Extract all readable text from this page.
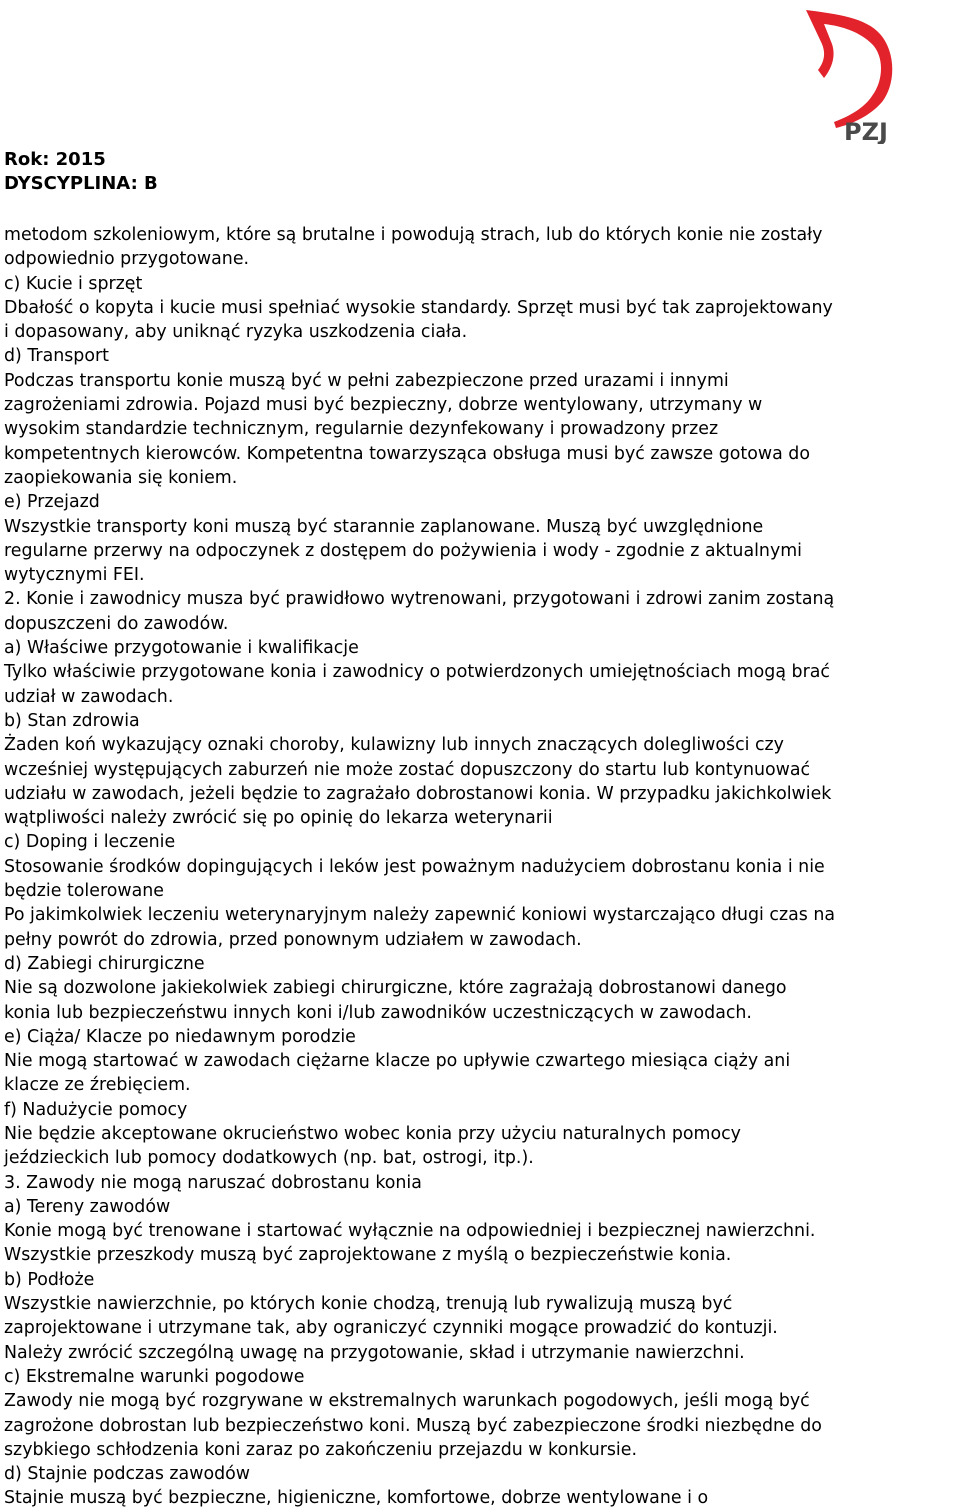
PZJ
Rok: 2015
DYSCYPLINA: B
metodom szkoleniowym, które są brutalne i powodują strach, lub do których konie nie zostały
odpowiednio przygotowane.
c) Kucie i sprzęt
Dbałość o kopyta i kucie musi spełniać wysokie standardy. Sprzęt musi być tak zaprojektowany
i dopasowany, aby uniknąć ryzyka uszkodzenia ciała.
d) Transport
Podczas transportu konie muszą być w pełni zabezpieczone przed urazami i innymi
zagrożeniami zdrowia. Pojazd musi być bezpieczny, dobrze wentylowany, utrzymany w
wysokim standardzie technicznym, regularnie dezynfekowany i prowadzony przez
kompetentnych kierowców. Kompetentna towarzysząca obsługa musi być zawsze gotowa do
zaopiekowania się koniem.
e) Przejazd
Wszystkie transporty koni muszą być starannie zaplanowane. Muszą być uwzględnione
regularne przerwy na odpoczynek z dostępem do pożywienia i wody - zgodnie z aktualnymi
wytycznymi FEI.
2. Konie i zawodnicy musza być prawidłowo wytrenowani, przygotowani i zdrowi zanim zostaną
dopuszczeni do zawodów.
a) Właściwe przygotowanie i kwalifikacje
Tylko właściwie przygotowane konia i zawodnicy o potwierdzonych umiejętnościach mogą brać
udział w zawodach.
b) Stan zdrowia
Żaden koń wykazujący oznaki choroby, kulawizny lub innych znaczących dolegliwości czy
wcześniej występujących zaburzeń nie może zostać dopuszczony do startu lub kontynuować
udziału w zawodach, jeżeli będzie to zagrażało dobrostanowi konia. W przypadku jakichkolwiek
wątpliwości należy zwrócić się po opinię do lekarza weterynarii
c) Doping i leczenie
Stosowanie środków dopingujących i leków jest poważnym nadużyciem dobrostanu konia i nie
będzie tolerowane
Po jakimkolwiek leczeniu weterynaryjnym należy zapewnić koniowi wystarczająco długi czas na
pełny powrót do zdrowia, przed ponownym udziałem w zawodach.
d) Zabiegi chirurgiczne
Nie są dozwolone jakiekolwiek zabiegi chirurgiczne, które zagrażają dobrostanowi danego
konia lub bezpieczeństwu innych koni i/lub zawodników uczestniczących w zawodach.
e) Ciąża/ Klacze po niedawnym porodzie
Nie mogą startować w zawodach ciężarne klacze po upływie czwartego miesiąca ciąży ani
klacze ze źrebięciem.
f) Nadużycie pomocy
Nie będzie akceptowane okrucieństwo wobec konia przy użyciu naturalnych pomocy
jeździeckich lub pomocy dodatkowych (np. bat, ostrogi, itp.).
3. Zawody nie mogą naruszać dobrostanu konia
a) Tereny zawodów
Konie mogą być trenowane i startować wyłącznie na odpowiedniej i bezpiecznej nawierzchni.
Wszystkie przeszkody muszą być zaprojektowane z myślą o bezpieczeństwie konia.
b) Podłoże
Wszystkie nawierzchnie, po których konie chodzą, trenują lub rywalizują muszą być
zaprojektowane i utrzymane tak, aby ograniczyć czynniki mogące prowadzić do kontuzji.
Należy zwrócić szczególną uwagę na przygotowanie, skład i utrzymanie nawierzchni.
c) Ekstremalne warunki pogodowe
Zawody nie mogą być rozgrywane w ekstremalnych warunkach pogodowych, jeśli mogą być
zagrożone dobrostan lub bezpieczeństwo koni. Muszą być zabezpieczone środki niezbędne do
szybkiego schłodzenia koni zaraz po zakończeniu przejazdu w konkursie.
d) Stajnie podczas zawodów
Stajnie muszą być bezpieczne, higieniczne, komfortowe, dobrze wentylowane i o
